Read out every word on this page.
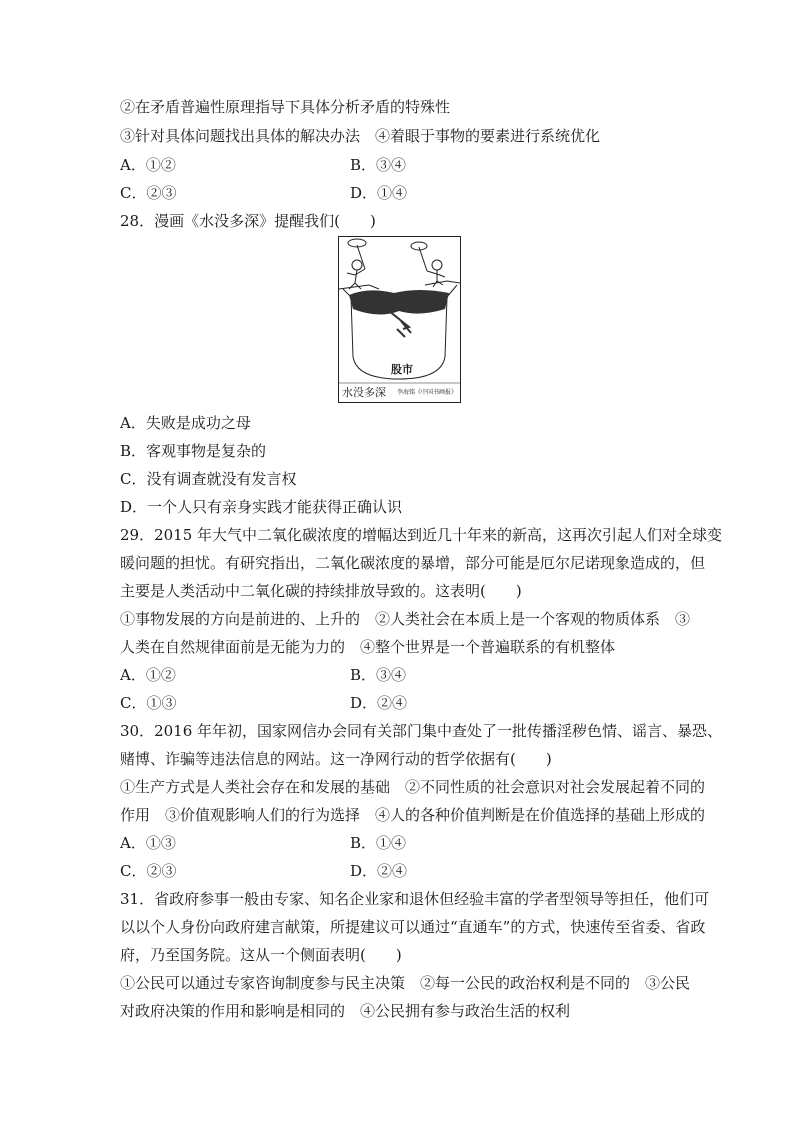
②在矛盾普遍性原理指导下具体分析矛盾的特殊性
③针对具体问题找出具体的解决办法　④着眼于事物的要素进行系统优化
A．①②	B．③④
C．②③	D．①④
28．漫画《水没多深》提醒我们(　　)
股市
水没多深 李海铭《中国书画报》
A．失败是成功之母
B．客观事物是复杂的
C．没有调查就没有发言权
D．一个人只有亲身实践才能获得正确认识
29．2015 年大气中二氧化碳浓度的增幅达到近几十年来的新高，这再次引起人们对全球变
暖问题的担忧。有研究指出，二氧化碳浓度的暴增，部分可能是厄尔尼诺现象造成的，但
主要是人类活动中二氧化碳的持续排放导致的。这表明(　　)
①事物发展的方向是前进的、上升的　②人类社会在本质上是一个客观的物质体系　③
人类在自然规律面前是无能为力的　④整个世界是一个普遍联系的有机整体
A．①②	B．③④
C．①③	D．②④
30．2016 年年初，国家网信办会同有关部门集中查处了一批传播淫秽色情、谣言、暴恐、
赌博、诈骗等违法信息的网站。这一净网行动的哲学依据有(　　)
①生产方式是人类社会存在和发展的基础　②不同性质的社会意识对社会发展起着不同的
作用　③价值观影响人们的行为选择　④人的各种价值判断是在价值选择的基础上形成的
A．①③	B．①④
C．②③	D．②④
31．省政府参事一般由专家、知名企业家和退休但经验丰富的学者型领导等担任，他们可
以以个人身份向政府建言献策，所提建议可以通过“直通车”的方式，快速传至省委、省政
府，乃至国务院。这从一个侧面表明(　　)
①公民可以通过专家咨询制度参与民主决策　②每一公民的政治权利是不同的　③公民
对政府决策的作用和影响是相同的　④公民拥有参与政治生活的权利
